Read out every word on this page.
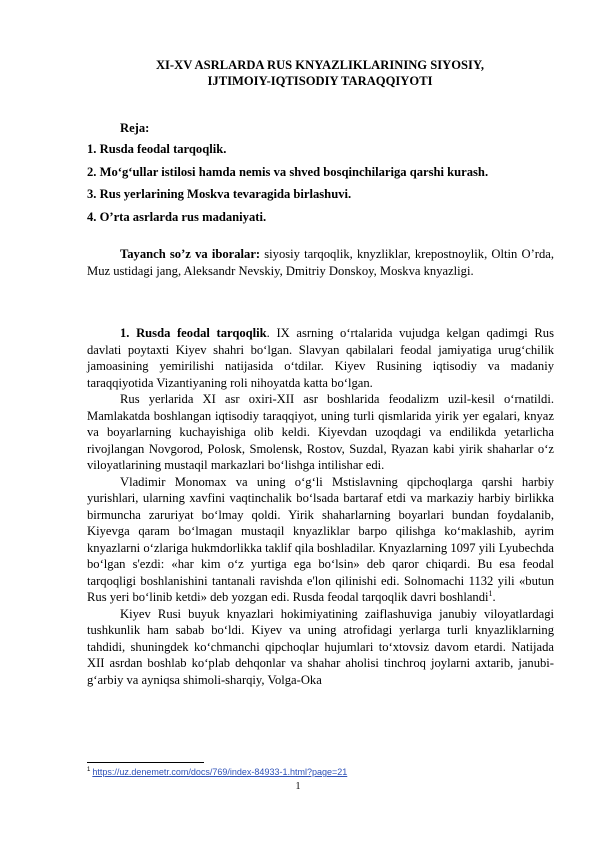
XI-XV ASRLARDA RUS KNYAZLIKLARINING SIYOSIY,
IJTIMOIY-IQTISODIY TARAQQIYOTI
Reja:
1. Rusda feodal tarqoqlik.
2. Mo‘g‘ullar istilosi hamda nemis va shved bosqinchilariga qarshi kurash.
3. Rus yerlarining Moskva tevaragida birlashuvi.
4. O’rta asrlarda rus madaniyati.

Tayanch so’z va iboralar: siyosiy tarqoqlik, knyzliklar, krepostnoylik, Oltin O’rda, Muz ustidagi jang, Aleksandr Nevskiy, Dmitriy Donskoy, Moskva knyazligi.

1. Rusda feodal tarqoqlik. IX asrning o‘rtalarida vujudga kelgan qadimgi Rus davlati poytaxti Kiyev shahri bo‘lgan. Slavyan qabilalari feodal jamiyatiga urug‘chilik jamoasining yemirilishi natijasida o‘tdilar. Kiyev Rusining iqtisodiy va madaniy taraqqiyotida Vizantiyaning roli nihoyatda katta bo‘lgan.

Rus yerlarida XI asr oxiri-XII asr boshlarida feodalizm uzil-kesil o‘rnatildi. Mamlakatda boshlangan iqtisodiy taraqqiyot, uning turli qismlarida yirik yer egalari, knyaz va boyarlarning kuchayishiga olib keldi. Kiyevdan uzoqdagi va endilikda yetarlicha rivojlangan Novgorod, Polosk, Smolensk, Rostov, Suzdal, Ryazan kabi yirik shaharlar o‘z viloyatlarining mustaqil markazlari bo‘lishga intilishar edi.

Vladimir Monomax va uning o‘g‘li Mstislavning qipchoqlarga qarshi harbiy yurishlari, ularning xavfini vaqtinchalik bo‘lsada bartaraf etdi va markaziy harbiy birlikka birmuncha zaruriyat bo‘lmay qoldi. Yirik shaharlarning boyarlari bundan foydalanib, Kiyevga qaram bo‘lmagan mustaqil knyazliklar barpo qilishga ko‘maklashib, ayrim knyazlarni o‘zlariga hukmdorlikka taklif qila boshladilar. Knyazlarning 1097 yili Lyubechda bo‘lgan s'ezdi: «har kim o‘z yurtiga ega bo‘lsin» deb qaror chiqardi. Bu esa feodal tarqoqligi boshlanishini tantanali ravishda e'lon qilinishi edi. Solnomachi 1132 yili «butun Rus yeri bo‘linib ketdi» deb yozgan edi. Rusda feodal tarqoqlik davri boshlandi$^1$.

Kiyev Rusi buyuk knyazlari hokimiyatining zaiflashuviga janubiy viloyatlardagi tushkunlik ham sabab bo‘ldi. Kiyev va uning atrofidagi yerlarga turli knyazliklarning tahdidi, shuningdek ko‘chmanchi qipchoqlar hujumlari to‘xtovsiz davom etardi. Natijada XII asrdan boshlab ko‘plab dehqonlar va shahar aholisi tinchroq joylarni axtarib, janubi-g‘arbiy va ayniqsa shimoli-sharqiy, Volga-Oka

$^1$ https://uz.denemetr.com/docs/769/index-84933-1.html?page=21
1
